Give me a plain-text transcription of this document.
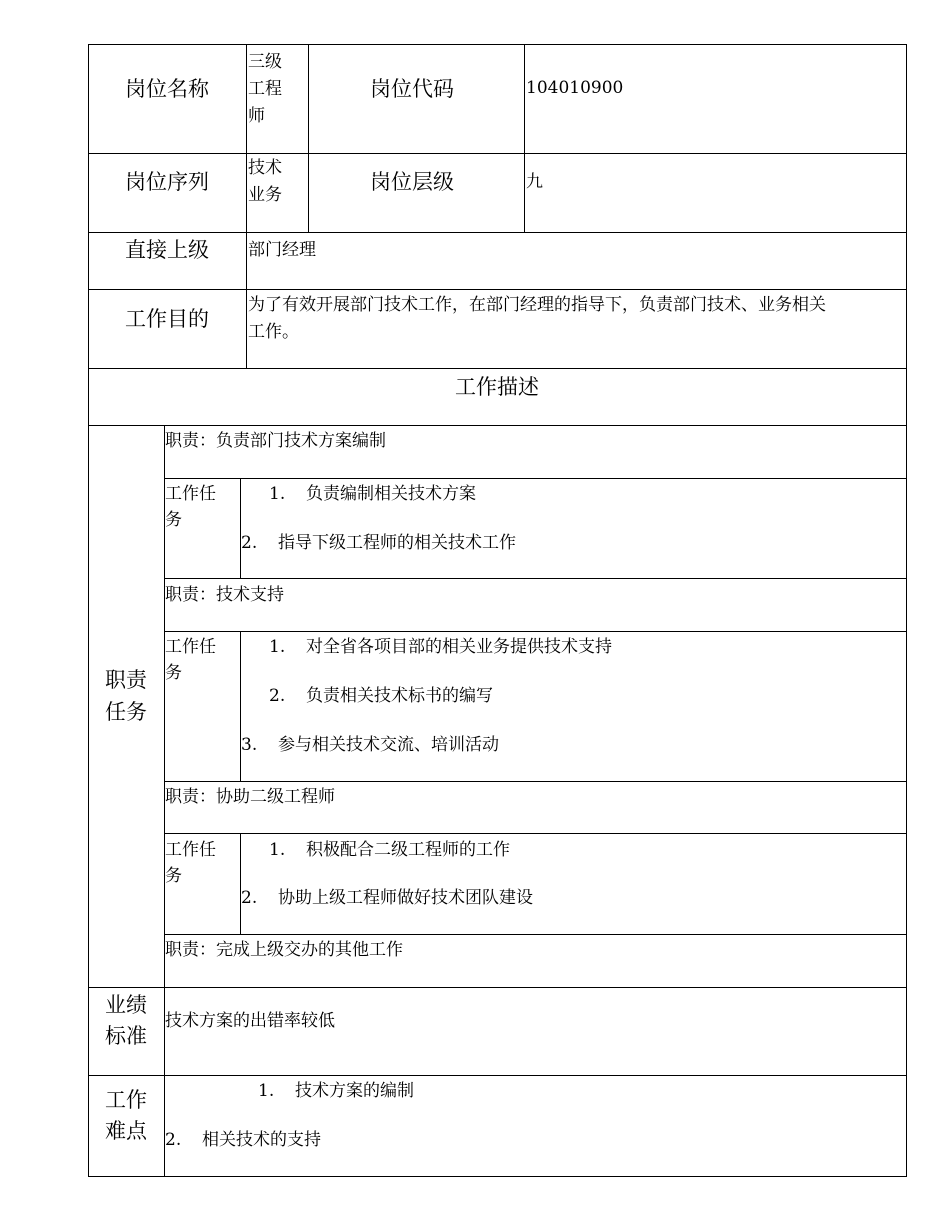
岗位名称
三级
工程
师
岗位代码	104010900
岗位序列
技术
业务
岗位层级	九
直接上级 部门经理
工作目的
为了有效开展部门技术工作，在部门经理的指导下，负责部门技术、业务相关
工作。
工作描述
职责
任务
职责：负责部门技术方案编制
工作任
务
1. 负责编制相关技术方案
2. 指导下级工程师的相关技术工作
职责：技术支持
工作任
务
1. 对全省各项目部的相关业务提供技术支持
2. 负责相关技术标书的编写
3. 参与相关技术交流、培训活动
职责：协助二级工程师
工作任
务
1. 积极配合二级工程师的工作
2. 协助上级工程师做好技术团队建设
职责：完成上级交办的其他工作
业绩
标准
技术方案的出错率较低
工作
难点
1. 技术方案的编制
2. 相关技术的支持
